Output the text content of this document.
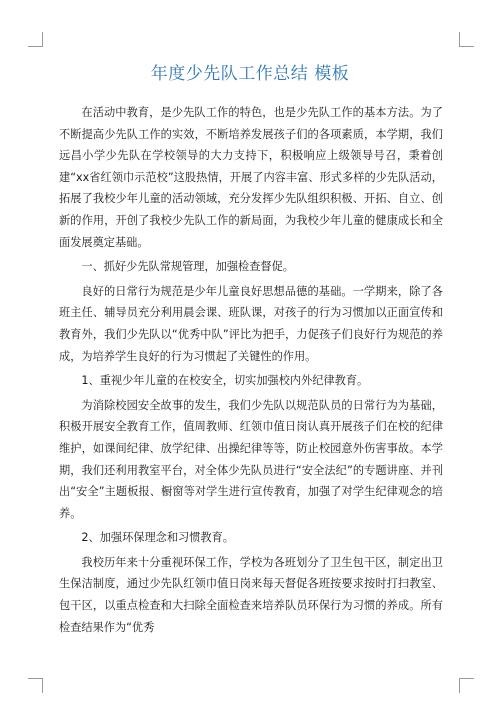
年度少先队工作总结 模板

在活动中教育，是少先队工作的特色，也是少先队工作的基本方法。为了不断提高少先队工作的实效，不断培养发展孩子们的各项素质，本学期，我们远昌小学少先队在学校领导的大力支持下，积极响应上级领导号召，秉着创建“xx省红领巾示范校”这股热情，开展了内容丰富、形式多样的少先队活动，拓展了我校少年儿童的活动领域，充分发挥少先队组织积极、开拓、自立、创新的作用，开创了我校少先队工作的新局面，为我校少年儿童的健康成长和全面发展奠定基础。

一、抓好少先队常规管理，加强检查督促。

良好的日常行为规范是少年儿童良好思想品德的基础。一学期来，除了各班主任、辅导员充分利用晨会课、班队课，对孩子的行为习惯加以正面宣传和教育外，我们少先队以“优秀中队”评比为把手，力促孩子们良好行为规范的养成，为培养学生良好的行为习惯起了关键性的作用。

1、重视少年儿童的在校安全，切实加强校内外纪律教育。

为消除校园安全故事的发生，我们少先队以规范队员的日常行为为基础，积极开展安全教育工作，值周教师、红领巾值日岗认真开展孩子们在校的纪律维护，如课间纪律、放学纪律、出操纪律等等，防止校园意外伤害事故。本学期，我们还利用教室平台，对全体少先队员进行“安全法纪”的专题讲座、并刊出“安全”主题板报、橱窗等对学生进行宣传教育，加强了对学生纪律观念的培养。

2、加强环保理念和习惯教育。

我校历年来十分重视环保工作，学校为各班划分了卫生包干区，制定出卫生保洁制度，通过少先队红领巾值日岗来每天督促各班按要求按时打扫教室、包干区，以重点检查和大扫除全面检查来培养队员环保行为习惯的养成。所有检查结果作为“优秀
